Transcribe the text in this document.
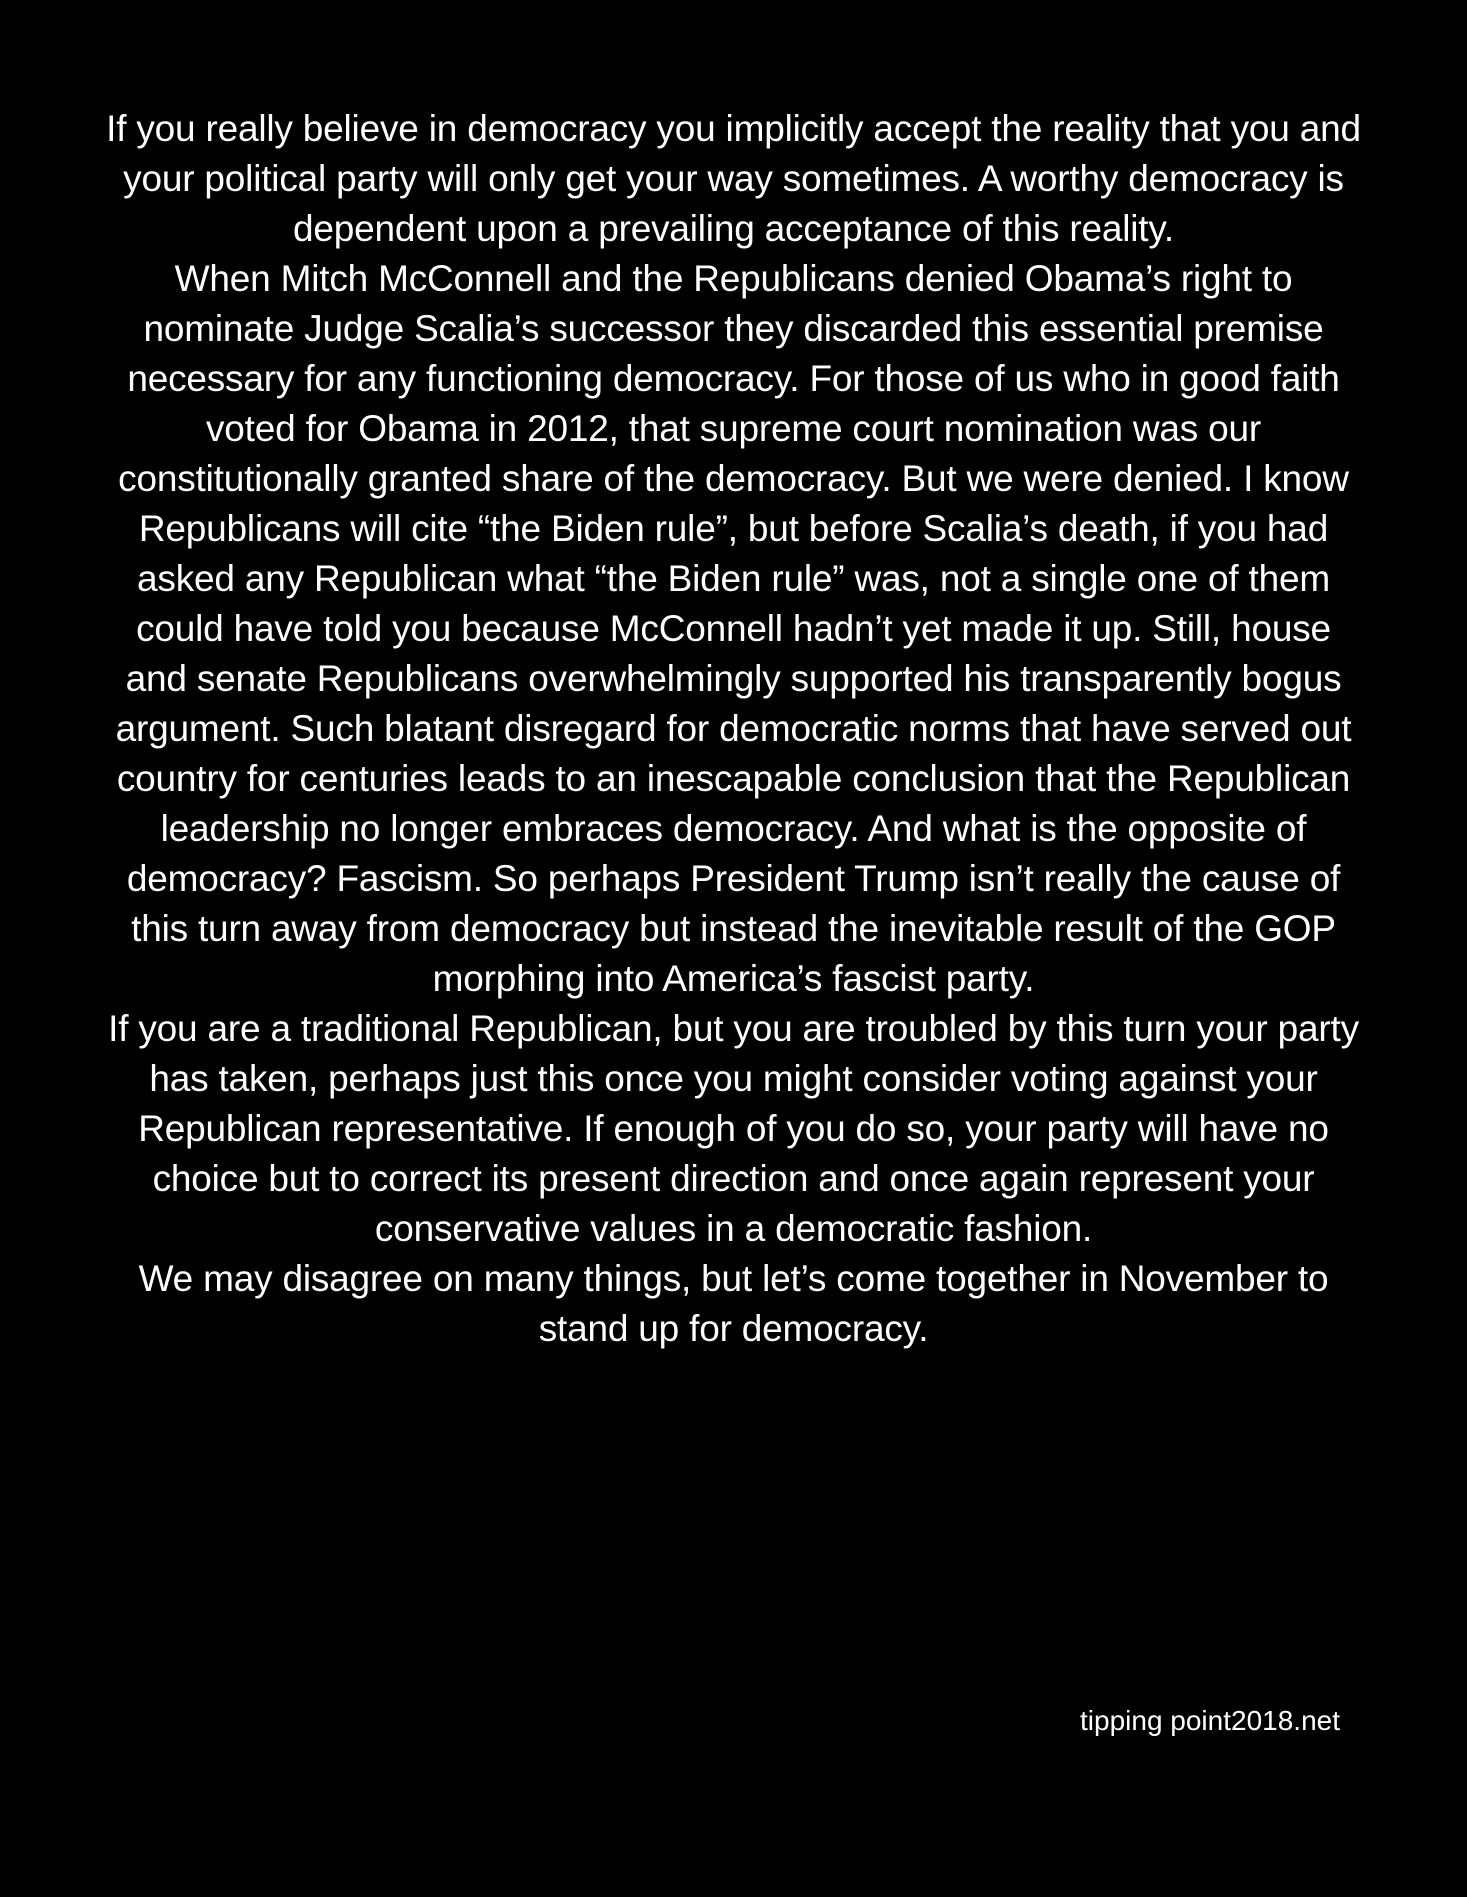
If you really believe in democracy you implicitly accept the reality that you and your political party will only get your way sometimes. A worthy democracy is dependent upon a prevailing acceptance of this reality.

When Mitch McConnell and the Republicans denied Obama’s right to nominate Judge Scalia’s successor they discarded this essential premise necessary for any functioning democracy. For those of us who in good faith voted for Obama in 2012, that supreme court nomination was our constitutionally granted share of the democracy. But we were denied. I know Republicans will cite “the Biden rule”, but before Scalia’s death, if you had asked any Republican what “the Biden rule” was, not a single one of them could have told you because McConnell hadn’t yet made it up. Still, house and senate Republicans overwhelmingly supported his transparently bogus argument. Such blatant disregard for democratic norms that have served out country for centuries leads to an inescapable conclusion that the Republican leadership no longer embraces democracy. And what is the opposite of democracy? Fascism. So perhaps President Trump isn’t really the cause of this turn away from democracy but instead the inevitable result of the GOP morphing into America’s fascist party.

If you are a traditional Republican, but you are troubled by this turn your party has taken, perhaps just this once you might consider voting against your Republican representative. If enough of you do so, your party will have no choice but to correct its present direction and once again represent your conservative values in a democratic fashion.

We may disagree on many things, but let’s come together in November to stand up for democracy.

tipping point2018.net
